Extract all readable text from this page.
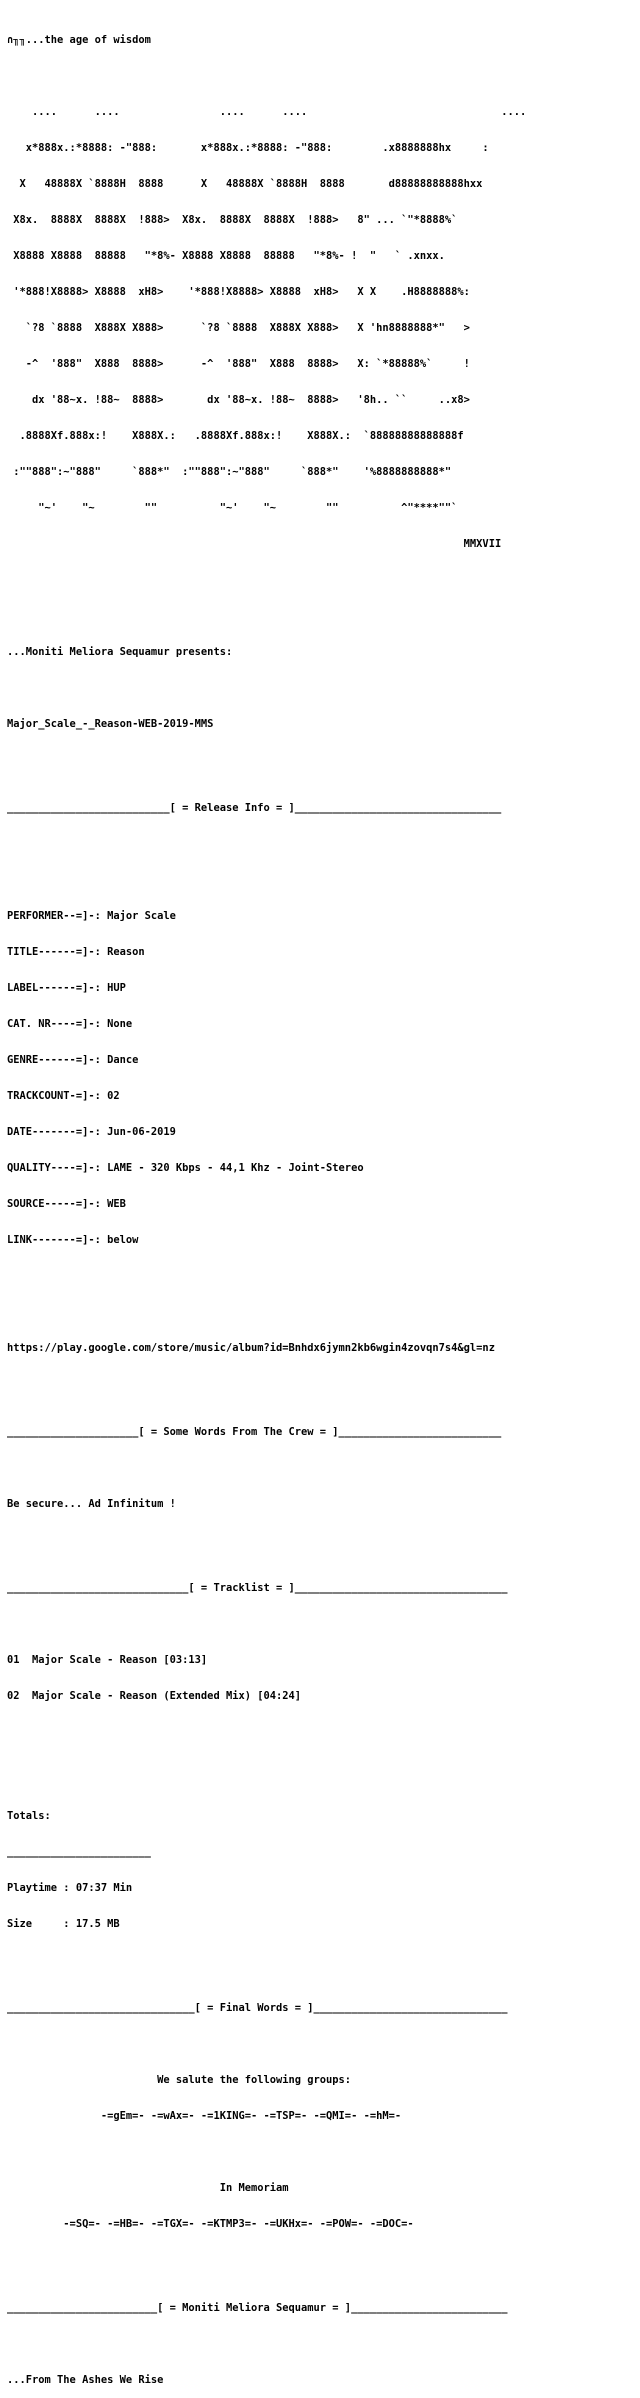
∩╖╖...the age of wisdom

....      ....                ....      ....                               ....

x*888x.:*8888: -"888:       x*888x.:*8888: -"888:        .x8888888hx     :

X   48888X `8888H  8888      X   48888X `8888H  8888       d88888888888hxx

X8x.  8888X  8888X  !888>  X8x.  8888X  8888X  !888>   8" ... `"*8888%`

X8888 X8888  88888   "*8%- X8888 X8888  88888   "*8%- !  "   ` .xnxx.

'*888!X8888> X8888  xH8>    '*888!X8888> X8888  xH8>   X X    .H8888888%:

`?8 `8888  X888X X888>      `?8 `8888  X888X X888>   X 'hn8888888*"   >

-^  '888"  X888  8888>      -^  '888"  X888  8888>   X: `*88888%`     !

dx '88~x. !88~  8888>       dx '88~x. !88~  8888>   '8h.. ``     ..x8>

.8888Xf.888x:!    X888X.:   .8888Xf.888x:!    X888X.:  `88888888888888f

:""888":~"888"     `888*"  :""888":~"888"     `888*"    '%8888888888*"

"~'    "~        ""          "~'    "~        ""          ^"****""`

MMXVII

...Moniti Meliora Sequamur presents:

Major_Scale_-_Reason-WEB-2019-MMS

__________________________[ = Release Info = ]_________________________________

PERFORMER--=]-: Major Scale

TITLE------=]-: Reason

LABEL------=]-: HUP

CAT. NR----=]-: None

GENRE------=]-: Dance

TRACKCOUNT-=]-: 02

DATE-------=]-: Jun-06-2019

QUALITY----=]-: LAME - 320 Kbps - 44,1 Khz - Joint-Stereo

SOURCE-----=]-: WEB

LINK-------=]-: below

https://play.google.com/store/music/album?id=Bnhdx6jymn2kb6wgin4zovqn7s4&gl=nz

_____________________[ = Some Words From The Crew = ]__________________________

Be secure... Ad Infinitum !

_____________________________[ = Tracklist = ]__________________________________

01  Major Scale - Reason [03:13]

02  Major Scale - Reason (Extended Mix) [04:24]

Totals:

_______________________

Playtime : 07:37 Min

Size     : 17.5 MB

______________________________[ = Final Words = ]_______________________________

We salute the following groups:

-=gEm=- -=wAx=- -=1KING=- -=TSP=- -=QMI=- -=hM=-

In Memoriam

-=SQ=- -=HB=- -=TGX=- -=KTMP3=- -=UKHx=- -=POW=- -=DOC=-

________________________[ = Moniti Meliora Sequamur = ]_________________________

...From The Ashes We Rise
